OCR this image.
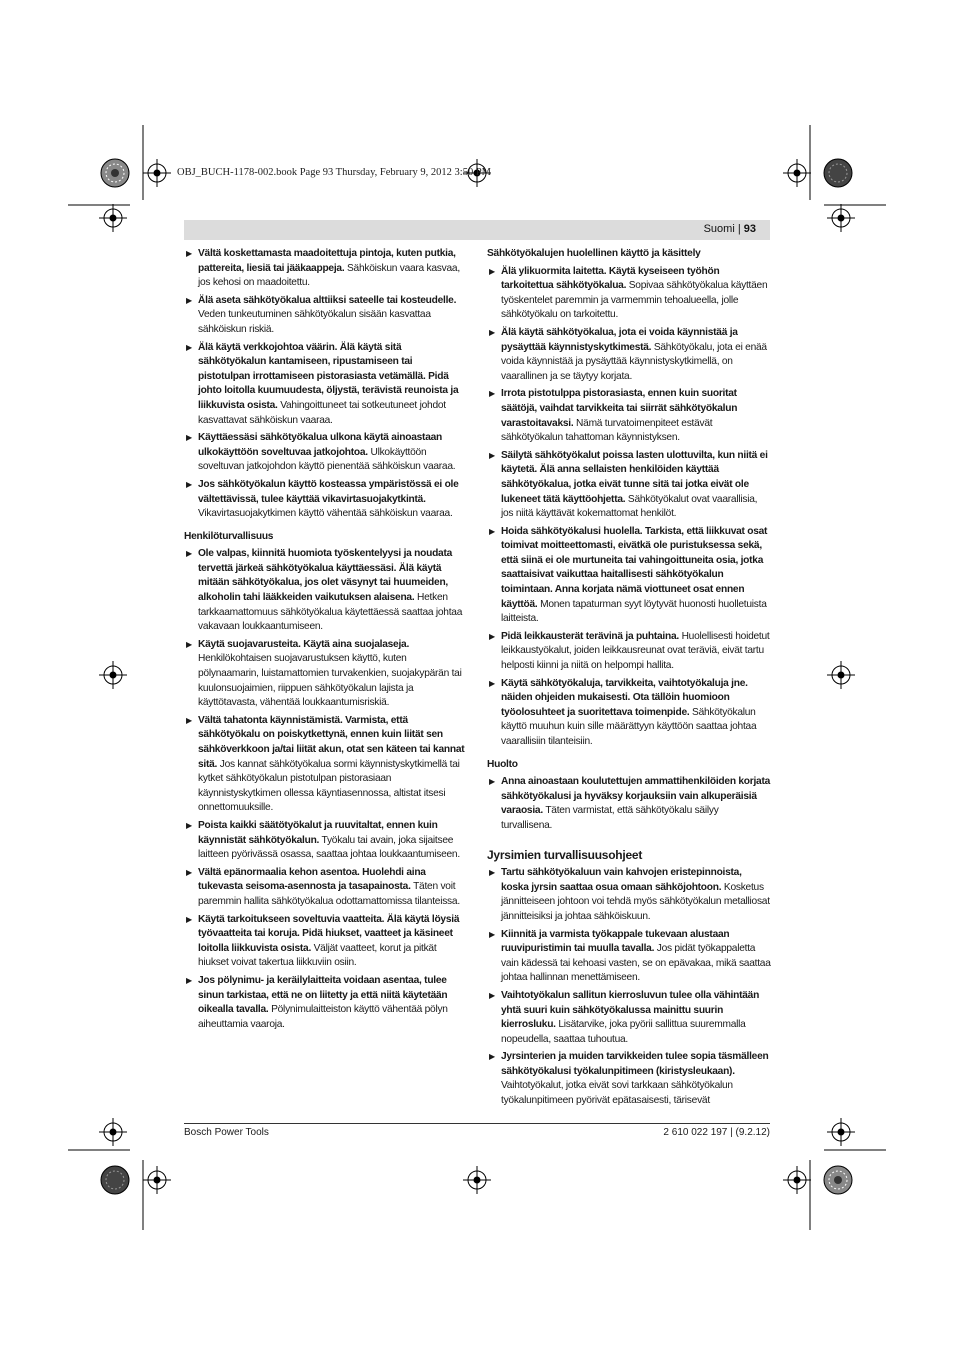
OBJ_BUCH-1178-002.book Page 93 Thursday, February 9, 2012 3:50 PM
Suomi | 93
▶ Vältä koskettamasta maadoitettuja pintoja, kuten putkia, pattereita, liesiä tai jääkaappeja. Sähköiskun vaara kasvaa, jos kehosi on maadoitettu.
▶ Älä aseta sähkötyökalua alttiiksi sateelle tai kosteudelle. Veden tunkeutuminen sähkötyökalun sisään kasvattaa sähköiskun riskiä.
▶ Älä käytä verkkojohtoa väärin. Älä käytä sitä sähkötyökalun kantamiseen, ripustamiseen tai pistotulpan irrottamiseen pistorasiasta vetämällä. Pidä johto loitolla kuumuudesta, öljystä, terävistä reunoista ja liikkuvista osista. Vahingoittuneet tai sotkeutuneet johdot kasvattavat sähköiskun vaaraa.
▶ Käyttäessäsi sähkötyökalua ulkona käytä ainoastaan ulkokäyttöön soveltuvaa jatkojohtoa. Ulkokäyttöön soveltuvan jatkojohdon käyttö pienentää sähköiskun vaaraa.
▶ Jos sähkötyökalun käyttö kosteassa ympäristössä ei ole vältettävissä, tulee käyttää vikavirtasuojakytkintä. Vikavirtasuojakytkimen käyttö vähentää sähköiskun vaaraa.
Henkilöturvallisuus
▶ Ole valpas, kiinnitä huomiota työskentelyysi ja noudata tervettä järkeä sähkötyökalua käyttäessäsi. Älä käytä mitään sähkötyökalua, jos olet väsynyt tai huumeiden, alkoholin tahi lääkkeiden vaikutuksen alaisena. Hetken tarkkaamattomuus sähkötyökalua käytettäessä saattaa johtaa vakavaan loukkaantumiseen.
▶ Käytä suojavarusteita. Käytä aina suojalaseja. Henkilökohtaisen suojavarustuksen käyttö, kuten pölynaamarin, luistamattomien turvakenkien, suojakypärän tai kuulonsuojaimien, riippuen sähkötyökalun lajista ja käyttötavasta, vähentää loukkaantumisriskiä.
▶ Vältä tahatonta käynnistämistä. Varmista, että sähkötyökalu on poiskytkettynä, ennen kuin liität sen sähköverkkoon ja/tai liität akun, otat sen käteen tai kannat sitä. Jos kannat sähkötyökalua sormi käynnistyskytkimellä tai kytket sähkötyökalun pistotulpan pistorasiaan käynnistyskytkimen ollessa käyntiasennossa, altistat itsesi onnettomuuksille.
▶ Poista kaikki säätötyökalut ja ruuvitaltat, ennen kuin käynnistät sähkötyökalun. Työkalu tai avain, joka sijaitsee laitteen pyörivässä osassa, saattaa johtaa loukkaantumiseen.
▶ Vältä epänormaalia kehon asentoa. Huolehdi aina tukevasta seisoma-asennosta ja tasapainosta. Täten voit paremmin hallita sähkötyökalua odottamattomissa tilanteissa.
▶ Käytä tarkoitukseen soveltuvia vaatteita. Älä käytä löysiä työvaatteita tai koruja. Pidä hiukset, vaatteet ja käsineet loitolla liikkuvista osista. Väljät vaatteet, korut ja pitkät hiukset voivat takertua liikkuviin osiin.
▶ Jos pölynimu- ja keräilylaitteita voidaan asentaa, tulee sinun tarkistaa, että ne on liitetty ja että niitä käytetään oikealla tavalla. Pölynimulaitteiston käyttö vähentää pölyn aiheuttamia vaaroja.
Sähkötyökalujen huolellinen käyttö ja käsittely
▶ Älä ylikuormita laitetta. Käytä kyseiseen työhön tarkoitettua sähkötyökalua. Sopivaa sähkötyökalua käyttäen työskentelet paremmin ja varmemmin tehoalueella, jolle sähkötyökalu on tarkoitettu.
▶ Älä käytä sähkötyökalua, jota ei voida käynnistää ja pysäyttää käynnistyskytkimestä. Sähkötyökalu, jota ei enää voida käynnistää ja pysäyttää käynnistyskytkimellä, on vaarallinen ja se täytyy korjata.
▶ Irrota pistotulppa pistorasiasta, ennen kuin suoritat säätöjä, vaihdat tarvikkeita tai siirrät sähkötyökalun varastoitavaksi. Nämä turvatoimenpiteet estävät sähkötyökalun tahattoman käynnistyksen.
▶ Säilytä sähkötyökalut poissa lasten ulottuvilta, kun niitä ei käytetä. Älä anna sellaisten henkilöiden käyttää sähkötyökalua, jotka eivät tunne sitä tai jotka eivät ole lukeneet tätä käyttöohjetta. Sähkötyökalut ovat vaarallisia, jos niitä käyttävät kokemattomat henkilöt.
▶ Hoida sähkötyökalusi huolella. Tarkista, että liikkuvat osat toimivat moitteettomasti, eivätkä ole puristuksessa sekä, että siinä ei ole murtuneita tai vahingoittuneita osia, jotka saattaisivat vaikuttaa haitallisesti sähkötyökalun toimintaan. Anna korjata nämä viottuneet osat ennen käyttöä. Monen tapaturman syyt löytyvät huonosti huolletuista laitteista.
▶ Pidä leikkausterät terävinä ja puhtaina. Huolellisesti hoidetut leikkaustyökalut, joiden leikkausreunat ovat teräviä, eivät tartu helposti kiinni ja niitä on helpompi hallita.
▶ Käytä sähkötyökaluja, tarvikkeita, vaihtotyökaluja jne. näiden ohjeiden mukaisesti. Ota tällöin huomioon työolosuhteet ja suoritettava toimenpide. Sähkötyökalun käyttö muuhun kuin sille määrättyyn käyttöön saattaa johtaa vaarallisiin tilanteisiin.
Huolto
▶ Anna ainoastaan koulutettujen ammattihenkilöiden korjata sähkötyökalusi ja hyväksy korjauksiin vain alkuperäisiä varaosia. Täten varmistat, että sähkötyökalu säilyy turvallisena.
Jyrsimien turvallisuusohjeet
▶ Tartu sähkötyökaluun vain kahvojen eristepinnoista, koska jyrsin saattaa osua omaan sähköjohtoon. Kosketus jännitteiseen johtoon voi tehdä myös sähkötyökalun metalliosat jännitteisiksi ja johtaa sähköiskuun.
▶ Kiinnitä ja varmista työkappale tukevaan alustaan ruuvipuristimin tai muulla tavalla. Jos pidät työkappaletta vain kädessä tai kehoasi vasten, se on epävakaa, mikä saattaa johtaa hallinnan menettämiseen.
▶ Vaihtotyökalun sallitun kierrosluvun tulee olla vähintään yhtä suuri kuin sähkötyökalussa mainittu suurin kierrosluku. Lisätarvike, joka pyörii sallittua suuremmalla nopeudella, saattaa tuhoutua.
▶ Jyrsinterien ja muiden tarvikkeiden tulee sopia täsmälleen sähkötyökalusi työkalunpitimeen (kiristysleukaan). Vaihtotyökalut, jotka eivät sovi tarkkaan sähkötyökalun työkalunpitimeen pyörivät epätasaisesti, tärisevät
Bosch Power Tools	2 610 022 197 | (9.2.12)
